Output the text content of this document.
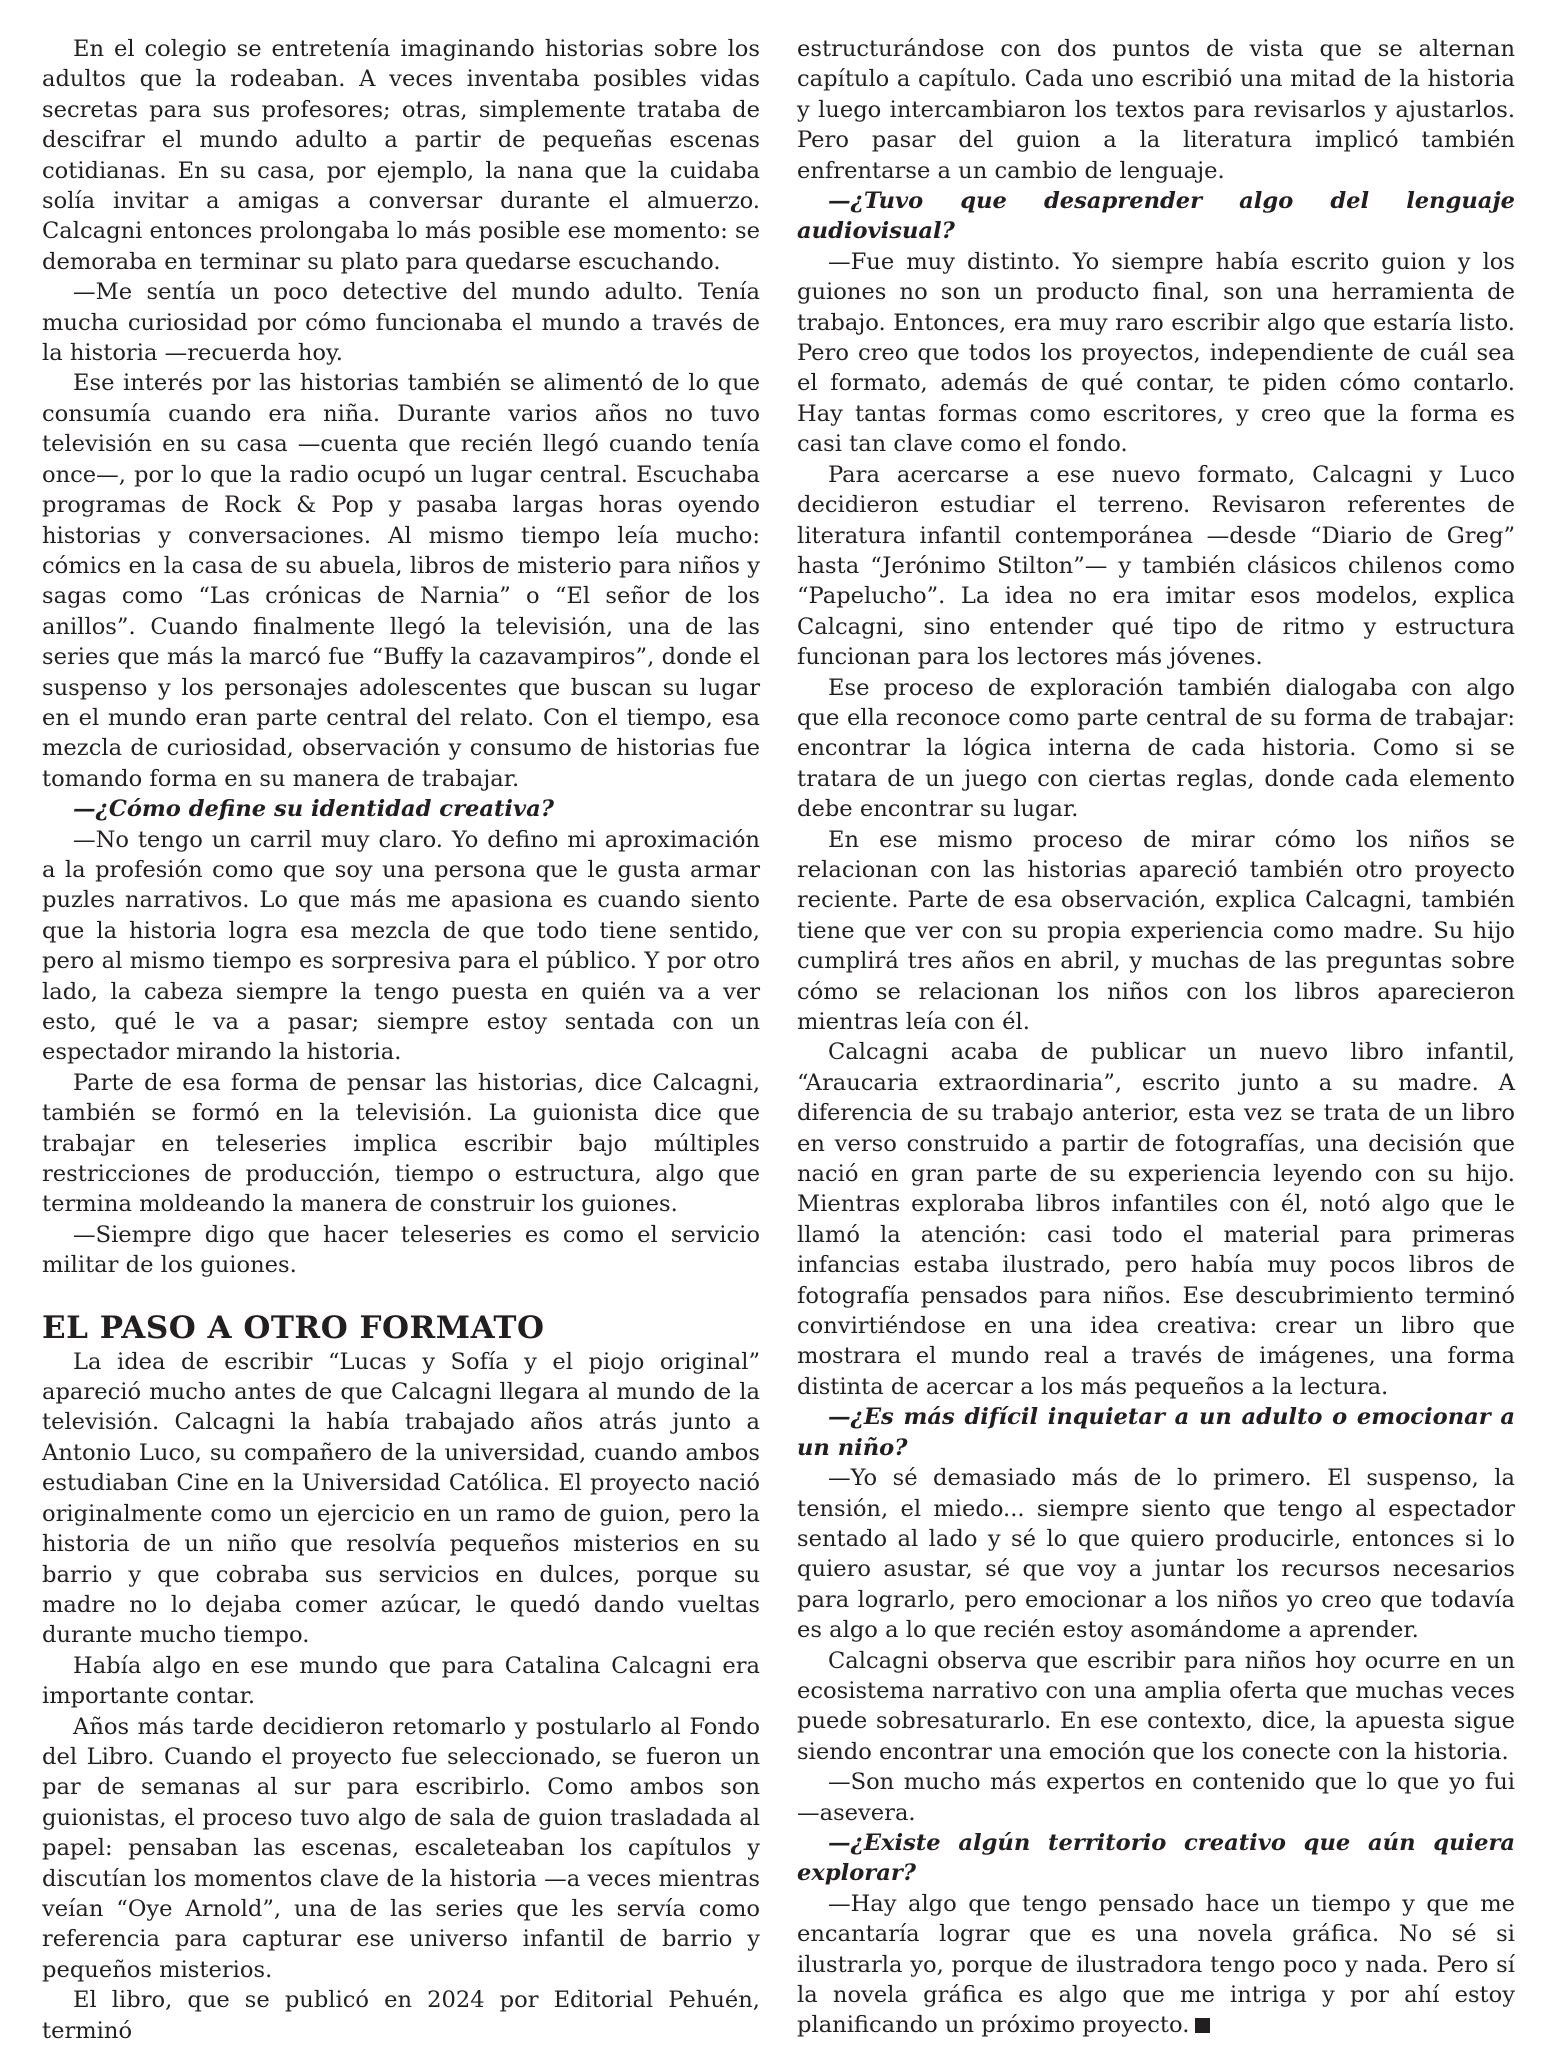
En el colegio se entretenía imaginando historias sobre los adultos que la rodeaban. A veces inventaba posibles vidas secretas para sus profesores; otras, simplemente trataba de descifrar el mundo adulto a partir de pequeñas escenas cotidianas. En su casa, por ejemplo, la nana que la cuidaba solía invitar a amigas a conversar durante el almuerzo. Calcagni entonces prolongaba lo más posible ese momento: se demoraba en terminar su plato para quedarse escuchando.

—Me sentía un poco detective del mundo adulto. Tenía mucha curiosidad por cómo funcionaba el mundo a través de la historia —recuerda hoy.

Ese interés por las historias también se alimentó de lo que consumía cuando era niña. Durante varios años no tuvo televisión en su casa —cuenta que recién llegó cuando tenía once—, por lo que la radio ocupó un lugar central. Escuchaba programas de Rock & Pop y pasaba largas horas oyendo historias y conversaciones. Al mismo tiempo leía mucho: cómics en la casa de su abuela, libros de misterio para niños y sagas como “Las crónicas de Narnia” o “El señor de los anillos”. Cuando finalmente llegó la televisión, una de las series que más la marcó fue “Buffy la cazavampiros”, donde el suspenso y los personajes adolescentes que buscan su lugar en el mundo eran parte central del relato. Con el tiempo, esa mezcla de curiosidad, observación y consumo de historias fue tomando forma en su manera de trabajar.

—¿Cómo define su identidad creativa?

—No tengo un carril muy claro. Yo defino mi aproximación a la profesión como que soy una persona que le gusta armar puzles narrativos. Lo que más me apasiona es cuando siento que la historia logra esa mezcla de que todo tiene sentido, pero al mismo tiempo es sorpresiva para el público. Y por otro lado, la cabeza siempre la tengo puesta en quién va a ver esto, qué le va a pasar; siempre estoy sentada con un espectador mirando la historia.

Parte de esa forma de pensar las historias, dice Calcagni, también se formó en la televisión. La guionista dice que trabajar en teleseries implica escribir bajo múltiples restricciones de producción, tiempo o estructura, algo que termina moldeando la manera de construir los guiones.

—Siempre digo que hacer teleseries es como el servicio militar de los guiones.

EL PASO A OTRO FORMATO

La idea de escribir “Lucas y Sofía y el piojo original” apareció mucho antes de que Calcagni llegara al mundo de la televisión. Calcagni la había trabajado años atrás junto a Antonio Luco, su compañero de la universidad, cuando ambos estudiaban Cine en la Universidad Católica. El proyecto nació originalmente como un ejercicio en un ramo de guion, pero la historia de un niño que resolvía pequeños misterios en su barrio y que cobraba sus servicios en dulces, porque su madre no lo dejaba comer azúcar, le quedó dando vueltas durante mucho tiempo.

Había algo en ese mundo que para Catalina Calcagni era importante contar.

Años más tarde decidieron retomarlo y postularlo al Fondo del Libro. Cuando el proyecto fue seleccionado, se fueron un par de semanas al sur para escribirlo. Como ambos son guionistas, el proceso tuvo algo de sala de guion trasladada al papel: pensaban las escenas, escaleteaban los capítulos y discutían los momentos clave de la historia —a veces mientras veían “Oye Arnold”, una de las series que les servía como referencia para capturar ese universo infantil de barrio y pequeños misterios.

El libro, que se publicó en 2024 por Editorial Pehuén, terminó

estructurándose con dos puntos de vista que se alternan capítulo a capítulo. Cada uno escribió una mitad de la historia y luego intercambiaron los textos para revisarlos y ajustarlos. Pero pasar del guion a la literatura implicó también enfrentarse a un cambio de lenguaje.

—¿Tuvo que desaprender algo del lenguaje audiovisual?

—Fue muy distinto. Yo siempre había escrito guion y los guiones no son un producto final, son una herramienta de trabajo. Entonces, era muy raro escribir algo que estaría listo. Pero creo que todos los proyectos, independiente de cuál sea el formato, además de qué contar, te piden cómo contarlo. Hay tantas formas como escritores, y creo que la forma es casi tan clave como el fondo.

Para acercarse a ese nuevo formato, Calcagni y Luco decidieron estudiar el terreno. Revisaron referentes de literatura infantil contemporánea —desde “Diario de Greg” hasta “Jerónimo Stilton”— y también clásicos chilenos como “Papelucho”. La idea no era imitar esos modelos, explica Calcagni, sino entender qué tipo de ritmo y estructura funcionan para los lectores más jóvenes.

Ese proceso de exploración también dialogaba con algo que ella reconoce como parte central de su forma de trabajar: encontrar la lógica interna de cada historia. Como si se tratara de un juego con ciertas reglas, donde cada elemento debe encontrar su lugar.

En ese mismo proceso de mirar cómo los niños se relacionan con las historias apareció también otro proyecto reciente. Parte de esa observación, explica Calcagni, también tiene que ver con su propia experiencia como madre. Su hijo cumplirá tres años en abril, y muchas de las preguntas sobre cómo se relacionan los niños con los libros aparecieron mientras leía con él.

Calcagni acaba de publicar un nuevo libro infantil, “Araucaria extraordinaria”, escrito junto a su madre. A diferencia de su trabajo anterior, esta vez se trata de un libro en verso construido a partir de fotografías, una decisión que nació en gran parte de su experiencia leyendo con su hijo. Mientras exploraba libros infantiles con él, notó algo que le llamó la atención: casi todo el material para primeras infancias estaba ilustrado, pero había muy pocos libros de fotografía pensados para niños. Ese descubrimiento terminó convirtiéndose en una idea creativa: crear un libro que mostrara el mundo real a través de imágenes, una forma distinta de acercar a los más pequeños a la lectura.

—¿Es más difícil inquietar a un adulto o emocionar a un niño?

—Yo sé demasiado más de lo primero. El suspenso, la tensión, el miedo... siempre siento que tengo al espectador sentado al lado y sé lo que quiero producirle, entonces si lo quiero asustar, sé que voy a juntar los recursos necesarios para lograrlo, pero emocionar a los niños yo creo que todavía es algo a lo que recién estoy asomándome a aprender.

Calcagni observa que escribir para niños hoy ocurre en un ecosistema narrativo con una amplia oferta que muchas veces puede sobresaturarlo. En ese contexto, dice, la apuesta sigue siendo encontrar una emoción que los conecte con la historia.

—Son mucho más expertos en contenido que lo que yo fui —asevera.

—¿Existe algún territorio creativo que aún quiera explorar?

—Hay algo que tengo pensado hace un tiempo y que me encantaría lograr que es una novela gráfica. No sé si ilustrarla yo, porque de ilustradora tengo poco y nada. Pero sí la novela gráfica es algo que me intriga y por ahí estoy planificando un próximo proyecto.
